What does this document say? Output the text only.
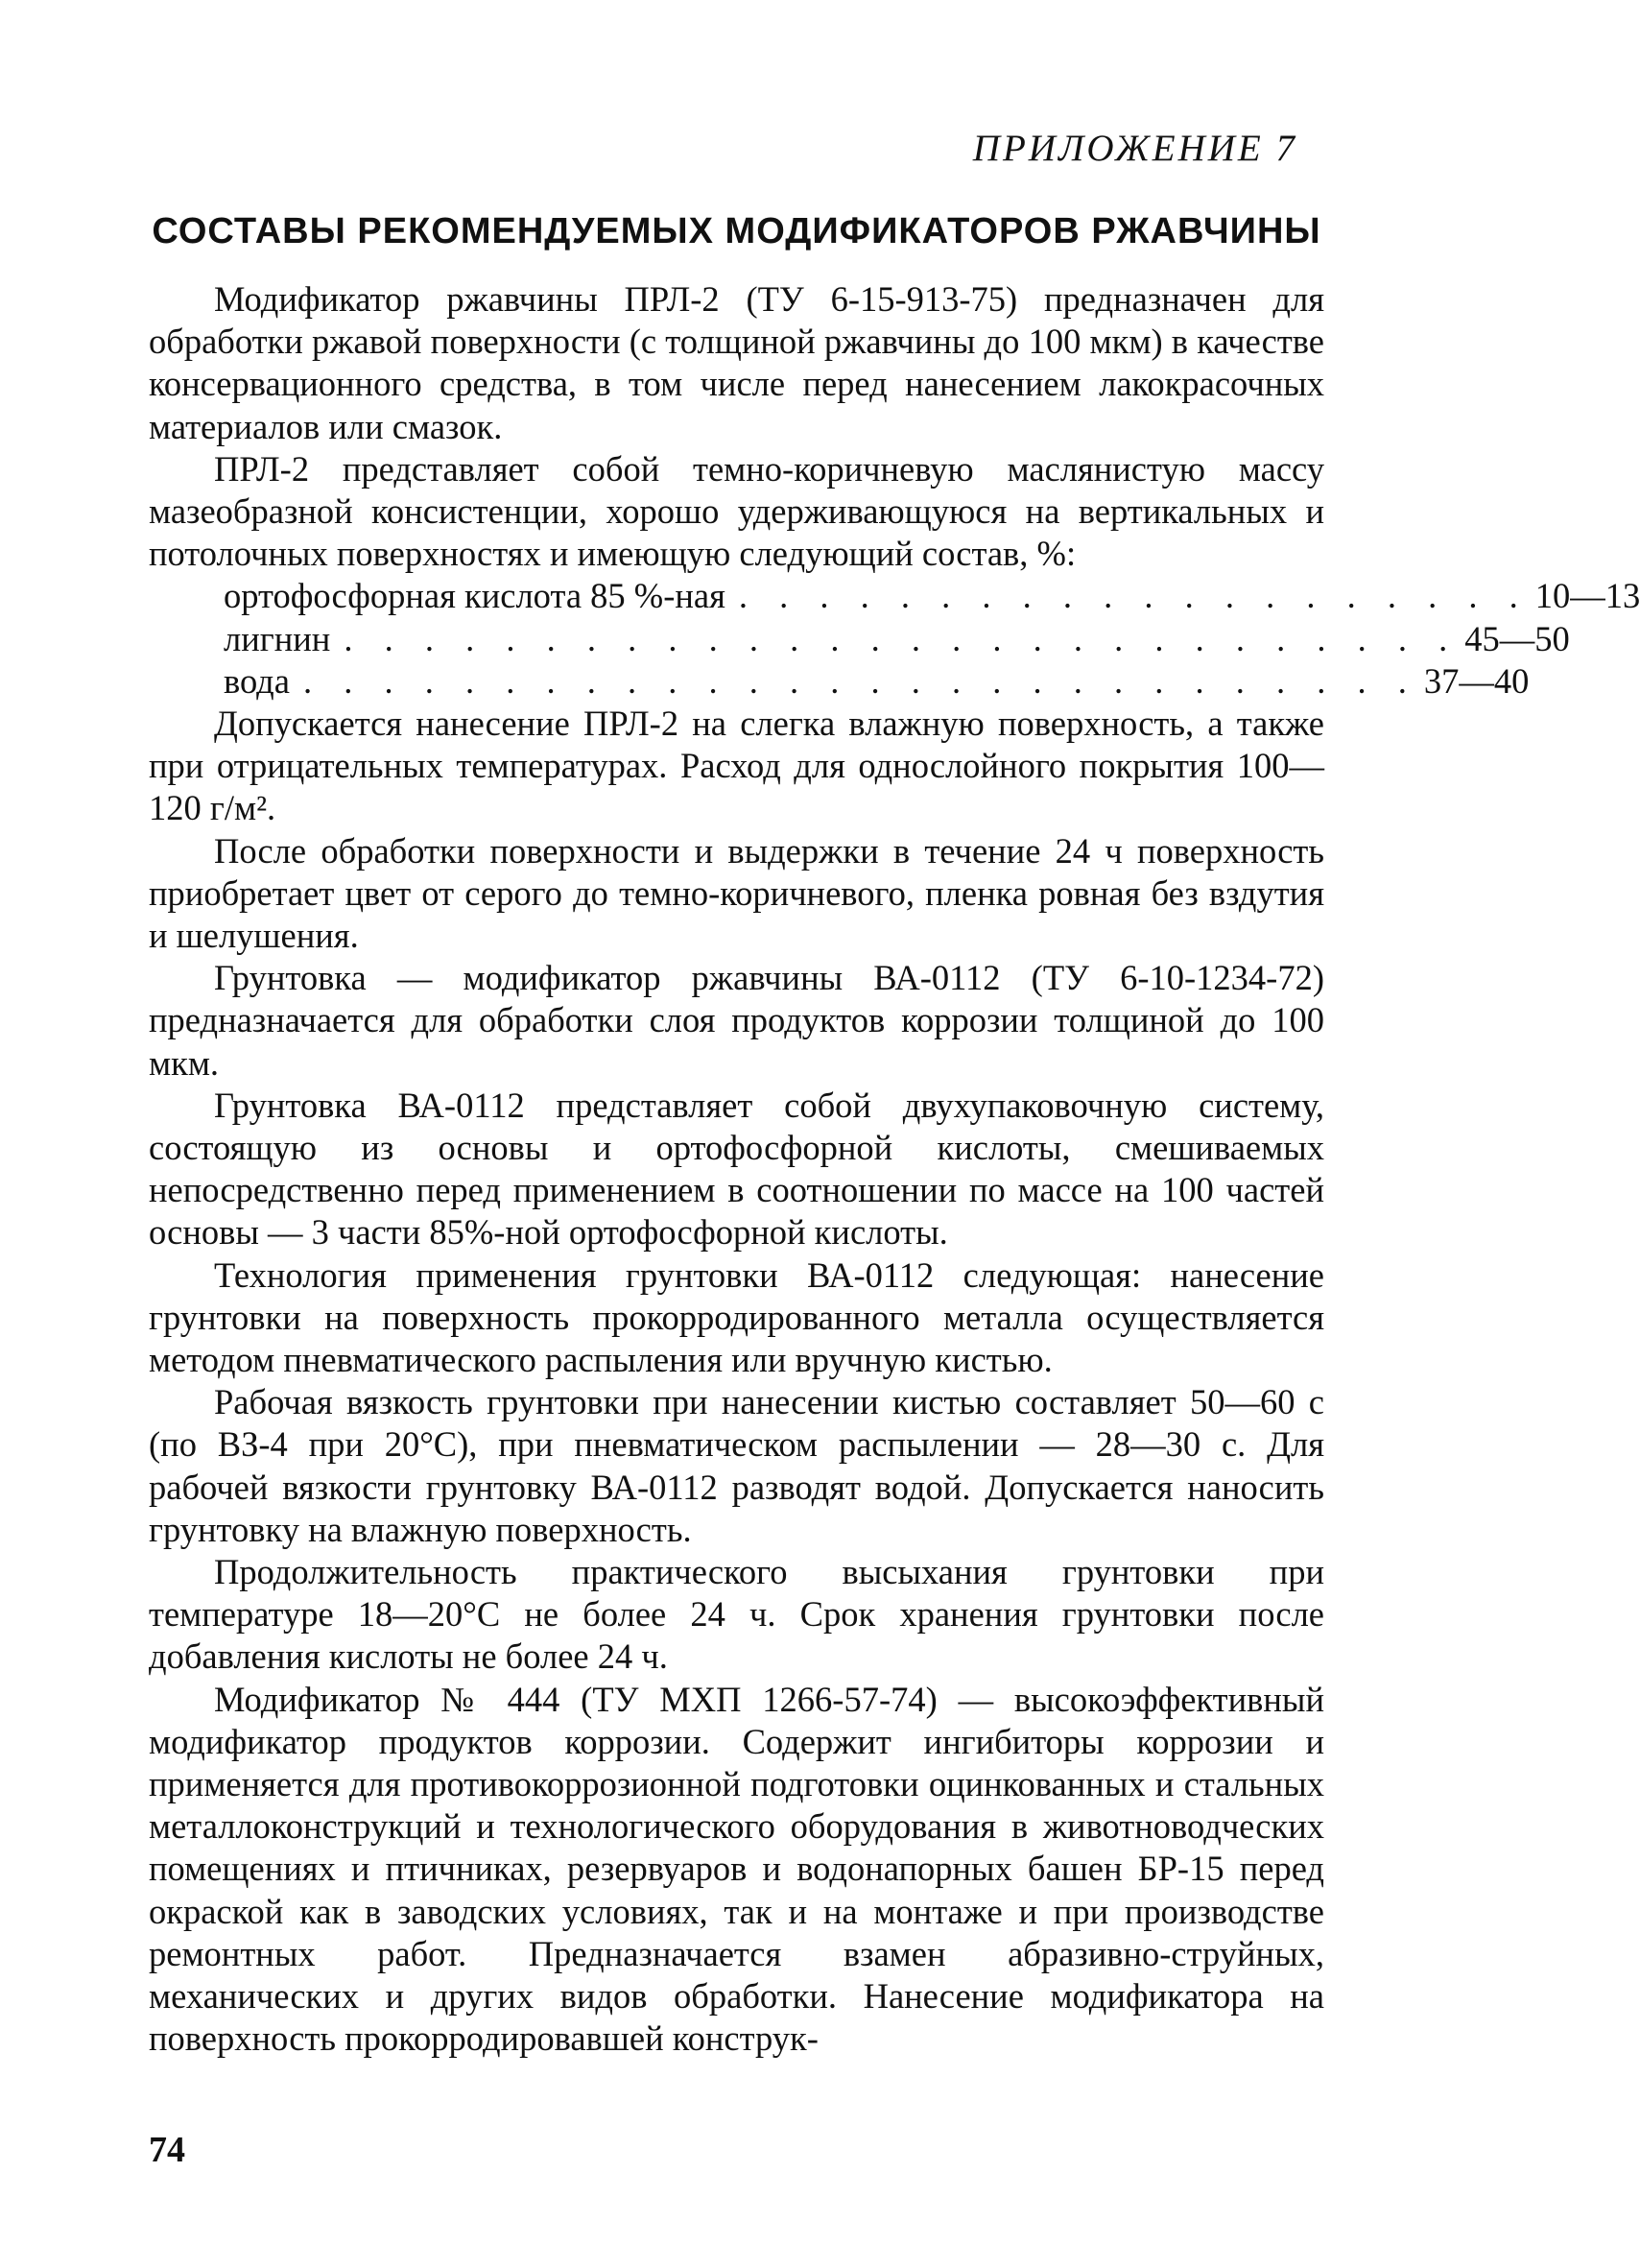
ПРИЛОЖЕНИЕ 7
СОСТАВЫ РЕКОМЕНДУЕМЫХ МОДИФИКАТОРОВ РЖАВЧИНЫ

Модификатор ржавчины ПРЛ-2 (ТУ 6-15-913-75) предназначен для обработки ржавой поверхности (с толщиной ржавчины до 100 мкм) в качестве консервационного средства, в том числе перед нанесением лакокрасочных материалов или смазок.

ПРЛ-2 представляет собой темно-коричневую маслянистую массу мазеобразной консистенции, хорошо удерживающуюся на вертикальных и потолочных поверхностях и имеющую следующий состав, %:

ортофосфорная кислота 85 %-ная . . . . . . . . . . . . . . . . . . . . 10—13
лигнин . . . . . . . . . . . . . . . . . . . . . . . . . . . . 45—50
вода . . . . . . . . . . . . . . . . . . . . . . . . . . . . 37—40

Допускается нанесение ПРЛ-2 на слегка влажную поверхность, а также при отрицательных температурах. Расход для однослойного покрытия 100—120 г/м².

После обработки поверхности и выдержки в течение 24 ч поверхность приобретает цвет от серого до темно-коричневого, пленка ровная без вздутия и шелушения.

Грунтовка — модификатор ржавчины ВА-0112 (ТУ 6-10-1234-72) предназначается для обработки слоя продуктов коррозии толщиной до 100 мкм.

Грунтовка ВА-0112 представляет собой двухупаковочную систему, состоящую из основы и ортофосфорной кислоты, смешиваемых непосредственно перед применением в соотношении по массе на 100 частей основы — 3 части 85%-ной ортофосфорной кислоты.

Технология применения грунтовки ВА-0112 следующая: нанесение грунтовки на поверхность прокорродированного металла осуществляется методом пневматического распыления или вручную кистью.

Рабочая вязкость грунтовки при нанесении кистью составляет 50—60 с (по ВЗ-4 при 20°С), при пневматическом распылении — 28—30 с. Для рабочей вязкости грунтовку ВА-0112 разводят водой. Допускается наносить грунтовку на влажную поверхность.

Продолжительность практического высыхания грунтовки при температуре 18—20°С не более 24 ч. Срок хранения грунтовки после добавления кислоты не более 24 ч.

Модификатор № 444 (ТУ МХП 1266-57-74) — высокоэффективный модификатор продуктов коррозии. Содержит ингибиторы коррозии и применяется для противокоррозионной подготовки оцинкованных и стальных металлоконструкций и технологического оборудования в животноводческих помещениях и птичниках, резервуаров и водонапорных башен БР-15 перед окраской как в заводских условиях, так и на монтаже и при производстве ремонтных работ. Предназначается взамен абразивно-струйных, механических и других видов обработки. Нанесение модификатора на поверхность прокорродировавшей конструк-

74
